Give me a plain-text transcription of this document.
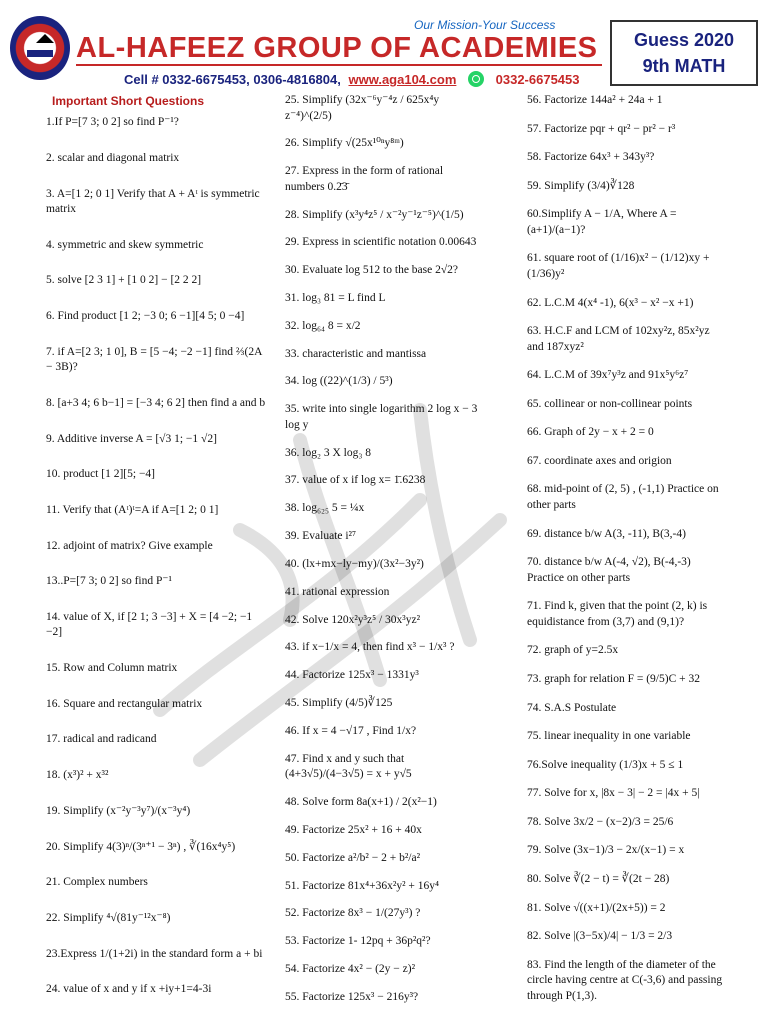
Our Mission-Your Success
AL-HAFEEZ GROUP OF ACADEMIES
Cell # 0332-6675453, 0306-4816804, www.aga104.com	0332-6675453
Guess 2020
9th MATH
Important Short Questions
1.If P=[7 3; 0 2] so find P⁻¹?
2. scalar and diagonal matrix
3. A=[1 2; 0 1] Verify that A + Aᵗ is symmetric matrix
4. symmetric and skew symmetric
5. solve [2 3 1] + [1 0 2] − [2 2 2]
6. Find product [1 2; −3 0; 6 −1][4 5; 0 −4]
7. if A=[2 3; 1 0], B = [5 −4; −2 −1] find ⅔(2A − 3B)?
8. [a+3 4; 6 b−1] = [−3 4; 6 2] then find a and b
9. Additive inverse A = [√3 1; −1 √2]
10. product [1 2][5; −4]
11. Verify that (Aᵗ)ᵗ=A if A=[1 2; 0 1]
12. adjoint of matrix? Give example
13..P=[7 3; 0 2] so find P⁻¹
14. value of X, if [2 1; 3 −3] + X = [4 −2; −1 −2]
15. Row and Column matrix
16. Square and rectangular matrix
17. radical and radicand
18. (x³)² + x³²
19. Simplify (x⁻²y⁻³y⁷)/(x⁻³y⁴)
20. Simplify 4(3)ⁿ/(3ⁿ⁺¹ − 3ⁿ) , ∛(16x⁴y⁵)
21. Complex numbers
22. Simplify ⁴√(81y⁻¹²x⁻⁸)
23.Express 1/(1+2i) in the standard form a + bi
24. value of x and y if x +iy+1=4-3i
25. Simplify (32x⁻⁶y⁻⁴z / 625x⁴y z⁻⁴)^(2/5)
26. Simplify √(25x¹⁰ⁿy⁸ᵐ)
27. Express in the form of rational numbers 0.2̄3̄
28. Simplify (x³y⁴z⁵ / x⁻²y⁻¹z⁻⁵)^(1/5)
29. Express in scientific notation 0.00643
30. Evaluate log 512 to the base 2√2?
31. log₃ 81 = L find L
32. log₆₄ 8 = x/2
33. characteristic and mantissa
34. log ((22)^(1/3) / 5³)
35. write into single logarithm 2 log x − 3 log y
36. log₂ 3 X log₃ 8
37. value of x if log x= 1̄.6238
38. log₆₂₅ 5 = ¼x
39. Evaluate i²⁷
40. (lx+mx−ly−my)/(3x²−3y²)
41. rational expression
42. Solve 120x²y³z⁵ / 30x³yz²
43. if x−1/x = 4, then find x³ − 1/x³ ?
44. Factorize 125x³ − 1331y³
45. Simplify (4/5)∛125
46. If x = 4 −√17 , Find 1/x?
47. Find x and y such that (4+3√5)/(4−3√5) = x + y√5
48. Solve form 8a(x+1) / 2(x²−1)
49. Factorize 25x² + 16 + 40x
50. Factorize a²/b² − 2 + b²/a²
51. Factorize 81x⁴+36x²y² + 16y⁴
52. Factorize 8x³ − 1/(27y³) ?
53. Factorize 1- 12pq + 36p²q²?
54. Factorize 4x² − (2y − z)²
55. Factorize 125x³ − 216y³?
56. Factorize 144a² + 24a + 1
57. Factorize pqr + qr² − pr² − r³
58. Factorize 64x³ + 343y³?
59. Simplify (3/4)∛128
60.Simplify A − 1/A, Where A = (a+1)/(a−1)?
61. square root of (1/16)x² − (1/12)xy + (1/36)y²
62. L.C.M 4(x⁴ -1), 6(x³ − x² −x +1)
63. H.C.F and LCM of 102xy²z, 85x²yz and 187xyz²
64. L.C.M of 39x⁷y³z and 91x⁵y⁶z⁷
65. collinear or non-collinear points
66. Graph of 2y − x + 2 = 0
67. coordinate axes and origion
68. mid-point of (2, 5) , (-1,1) Practice on other parts
69. distance b/w A(3, -11), B(3,-4)
70. distance b/w A(-4, √2), B(-4,-3) Practice on other parts
71. Find k, given that the point (2, k) is equidistance from (3,7) and (9,1)?
72. graph of y=2.5x
73. graph for relation F = (9/5)C + 32
74. S.A.S Postulate
75. linear inequality in one variable
76.Solve inequality (1/3)x + 5 ≤ 1
77. Solve for x, |8x − 3| − 2 = |4x + 5|
78. Solve 3x/2 − (x−2)/3 = 25/6
79. Solve (3x−1)/3 − 2x/(x−1) = x
80. Solve ∛(2 − t) = ∛(2t − 28)
81. Solve √((x+1)/(2x+5)) = 2
82. Solve |(3−5x)/4| − 1/3 = 2/3
83. Find the length of the diameter of the circle having centre at C(-3,6) and passing through P(1,3).
